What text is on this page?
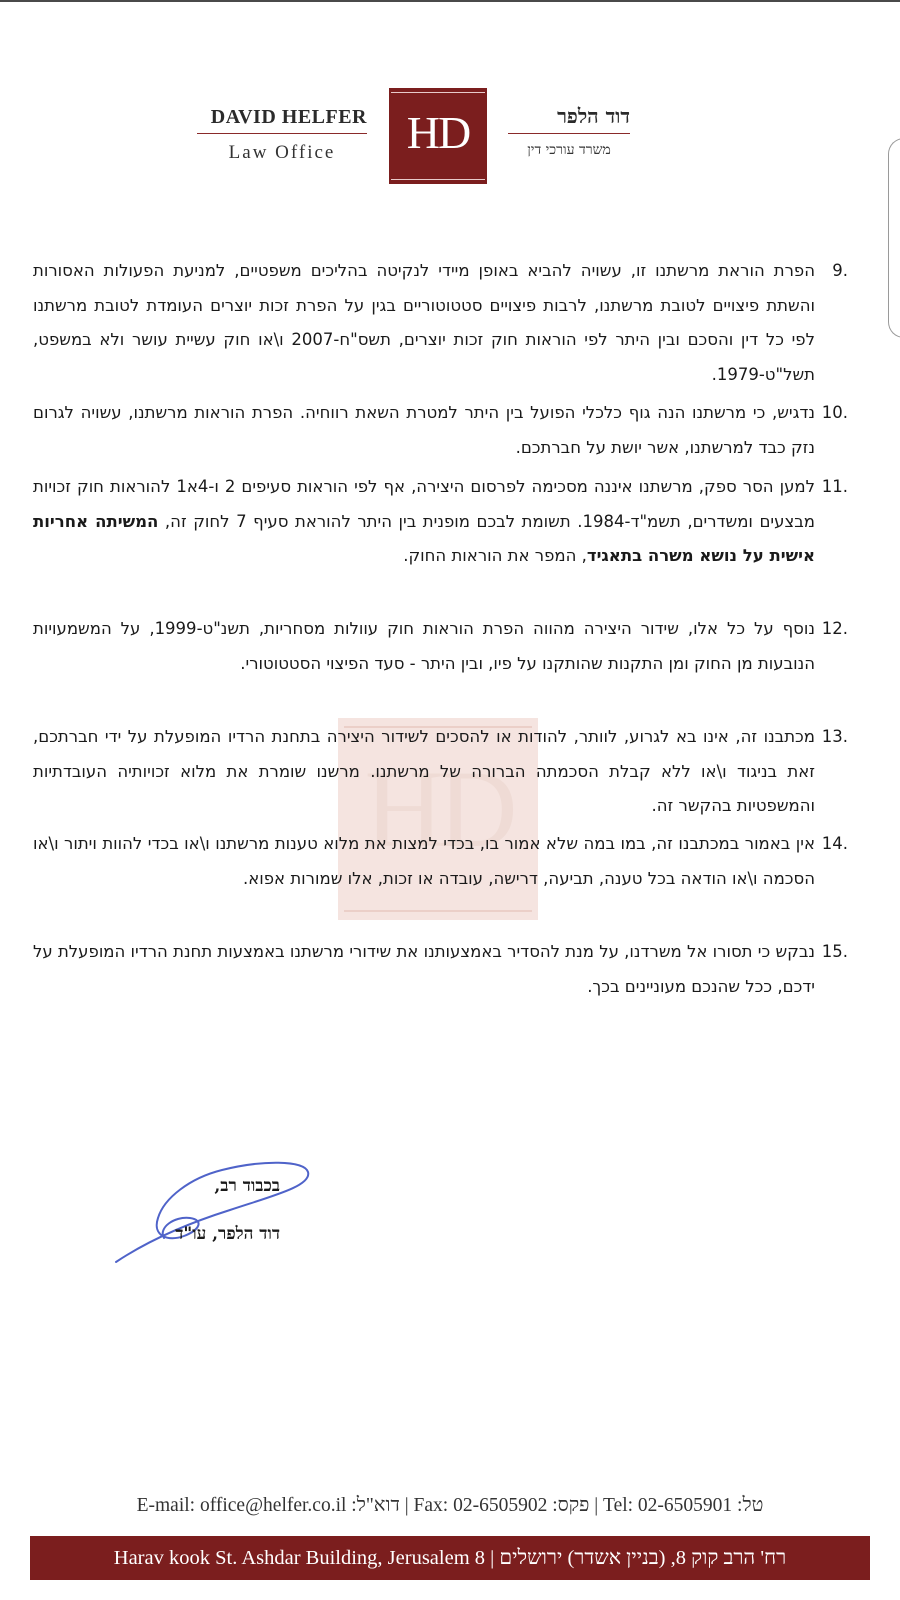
DAVID HELFER
Law Office	HD	דוד הלפר
משרד עורכי דין
HD
9.
הפרת הוראת מרשתנו זו, עשויה להביא באופן מיידי לנקיטה בהליכים משפטיים, למניעת הפעולות האסורות והשתת פיצויים לטובת מרשתנו, לרבות פיצויים סטטוטוריים בגין על הפרת זכות יוצרים העומדת לטובת מרשתנו לפי כל דין והסכם ובין היתר לפי הוראות חוק זכות יוצרים, תשס"ח-2007 ו\או חוק עשיית עושר ולא במשפט, תשל"ט-1979.
10.
נדגיש, כי מרשתנו הנה גוף כלכלי הפועל בין היתר למטרת השאת רווחיה. הפרת הוראות מרשתנו, עשויה לגרום נזק כבד למרשתנו, אשר יושת על חברתכם.
11.
למען הסר ספק, מרשתנו איננה מסכימה לפרסום היצירה, אף לפי הוראות סעיפים 2 ו-4א1 להוראות חוק זכויות מבצעים ומשדרים, תשמ"ד-1984. תשומת לבכם מופנית בין היתר להוראת סעיף 7 לחוק זה, המשיתה אחריות אישית על נושא משרה בתאגיד, המפר את הוראות החוק.
12.
נוסף על כל אלו, שידור היצירה מהווה הפרת הוראות חוק עוולות מסחריות, תשנ"ט-1999, על המשמעויות הנובעות מן החוק ומן התקנות שהותקנו על פיו, ובין היתר - סעד הפיצוי הסטטוטורי.
13.
מכתבנו זה, אינו בא לגרוע, לוותר, להודות או להסכים לשידור היצירה בתחנת הרדיו המופעלת על ידי חברתכם, זאת בניגוד ו\או ללא קבלת הסכמתה הברורה של מרשתנו. מרשנו שומרת את מלוא זכויותיה העובדתיות והמשפטיות בהקשר זה.
14.
אין באמור במכתבנו זה, במו במה שלא אמור בו, בכדי למצות את מלוא טענות מרשתנו ו\או בכדי להוות ויתור ו\או הסכמה ו\או הודאה בכל טענה, תביעה, דרישה, עובדה או זכות, אלו שמורות אפוא.
15.
נבקש כי תסורו אל משרדנו, על מנת להסדיר באמצעותנו את שידורי מרשתנו באמצעות תחנת הרדיו המופעלת על ידכם, ככל שהנכם מעוניינים בכך.
בכבוד רב,
דוד הלפר, עו"ד
E-mail: office@helfer.co.il :דוא"ל | Fax: 02-6505902 :פקס | Tel: 02-6505901 :טל
Harav kook St. Ashdar Building, Jerusalem 8 | רח' הרב קוק 8, (בניין אשדר) ירושלים
